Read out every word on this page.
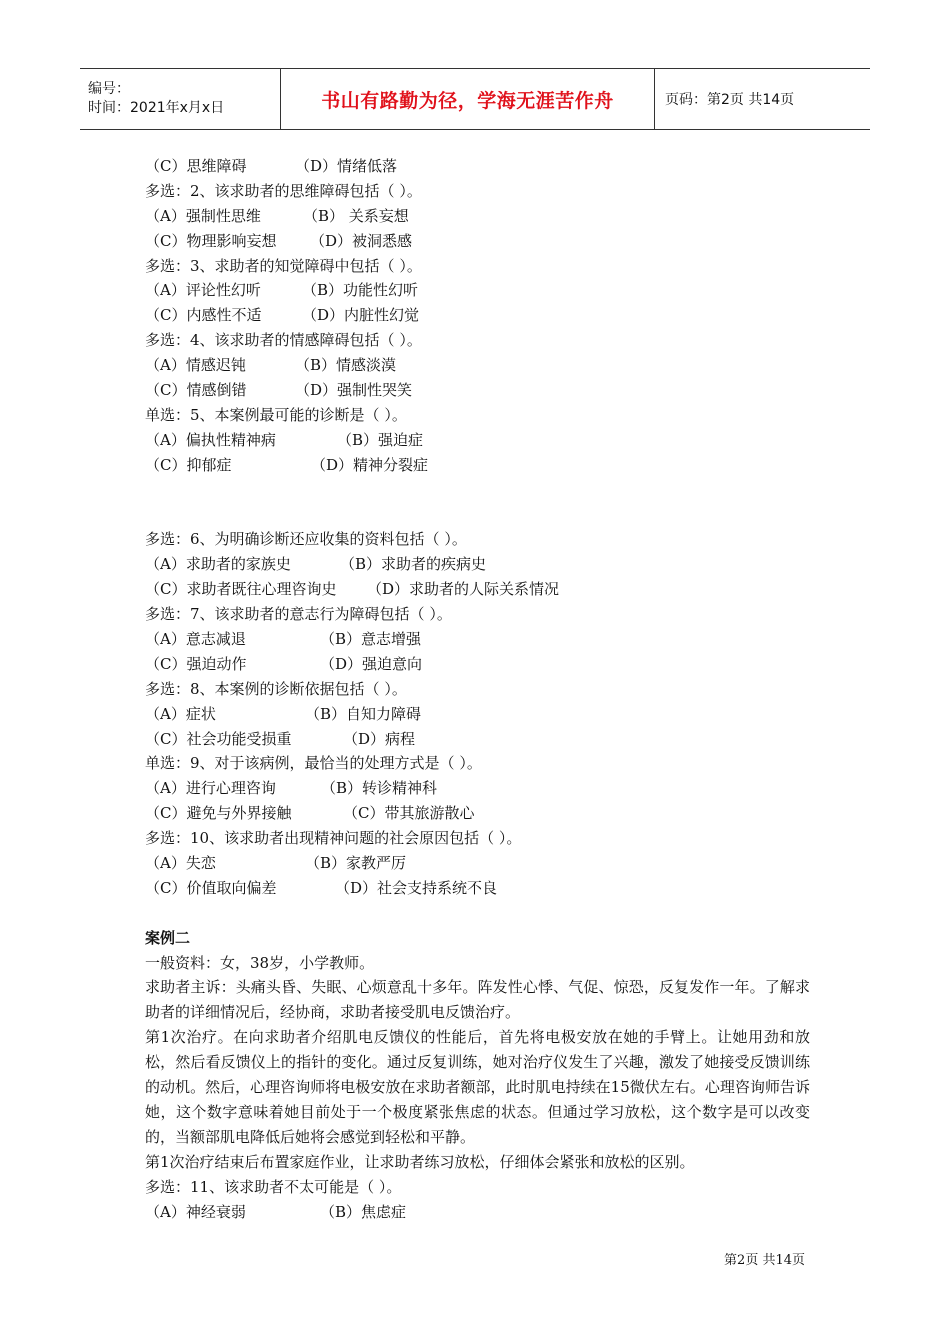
编号：
时间：2021年x月x日	书山有路勤为径，学海无涯苦作舟	页码：第2页 共14页
（C）思维障碍	（D）情绪低落
多选：2、该求助者的思维障碍包括（ ）。
（A）强制性思维	（B） 关系妄想
（C）物理影响妄想	（D）被洞悉感
多选：3、求助者的知觉障碍中包括（ ）。
（A）评论性幻听	（B）功能性幻听
（C）内感性不适	（D）内脏性幻觉
多选：4、该求助者的情感障碍包括（ ）。
（A）情感迟钝	（B）情感淡漠
（C）情感倒错	（D）强制性哭笑
单选：5、本案例最可能的诊断是（ ）。
（A）偏执性精神病	（B）强迫症
（C）抑郁症	（D）精神分裂症
多选：6、为明确诊断还应收集的资料包括（ ）。
（A）求助者的家族史	（B）求助者的疾病史
（C）求助者既往心理咨询史	（D）求助者的人际关系情况
多选：7、该求助者的意志行为障碍包括（ ）。
（A）意志减退	（B）意志增强
（C）强迫动作	（D）强迫意向
多选：8、本案例的诊断依据包括（ ）。
（A）症状	（B）自知力障碍
（C）社会功能受损重	（D）病程
单选：9、对于该病例，最恰当的处理方式是（ ）。
（A）进行心理咨询	（B）转诊精神科
（C）避免与外界接触	（C）带其旅游散心
多选：10、该求助者出现精神问题的社会原因包括（ ）。
（A）失恋	（B）家教严厉
（C）价值取向偏差	（D）社会支持系统不良
案例二
一般资料：女，38岁，小学教师。
求助者主诉：头痛头昏、失眠、心烦意乱十多年。阵发性心悸、气促、惊恐，反复发作一年。了解求助者的详细情况后，经协商，求助者接受肌电反馈治疗。
第1次治疗。在向求助者介绍肌电反馈仪的性能后，首先将电极安放在她的手臂上。让她用劲和放松，然后看反馈仪上的指针的变化。通过反复训练，她对治疗仪发生了兴趣，激发了她接受反馈训练的动机。然后，心理咨询师将电极安放在求助者额部，此时肌电持续在15微伏左右。心理咨询师告诉她，这个数字意味着她目前处于一个极度紧张焦虑的状态。但通过学习放松，这个数字是可以改变的，当额部肌电降低后她将会感觉到轻松和平静。
第1次治疗结束后布置家庭作业，让求助者练习放松，仔细体会紧张和放松的区别。
多选：11、该求助者不太可能是（ ）。
（A）神经衰弱	（B）焦虑症
第2页 共14页
